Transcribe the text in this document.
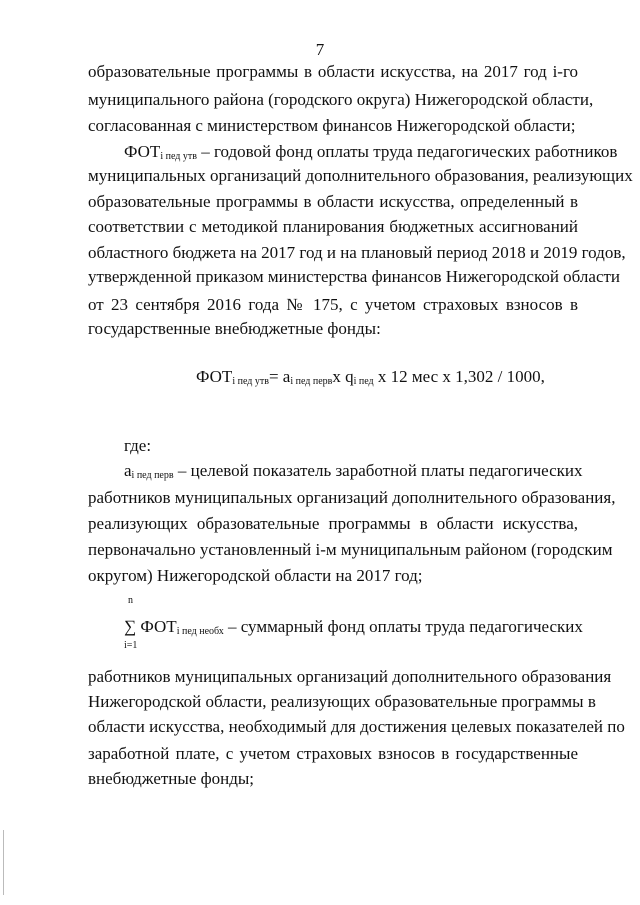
7
образовательные программы в области искусства, на 2017 год i-го
муниципального района (городского округа) Нижегородской области,
согласованная с министерством финансов Нижегородской области;
$ФОТ_{i пед утв}$ – годовой фонд оплаты труда педагогических работников
муниципальных организаций дополнительного образования, реализующих
образовательные программы в области искусства, определенный в
соответствии с методикой планирования бюджетных ассигнований
областного бюджета на 2017 год и на плановый период 2018 и 2019 годов,
утвержденной приказом министерства финансов Нижегородской области
от 23 сентября 2016 года № 175, с учетом страховых взносов в
государственные внебюджетные фонды:
$ФОТ_{i пед утв}= a_{i пед перв}x$ $q_{i пед}$ x 12 мес x 1,302 / 1000,
где:
$a_{i пед перв}$ – целевой показатель заработной платы педагогических
работников муниципальных организаций дополнительного образования,
реализующих образовательные программы в области искусства,
первоначально установленный i-м муниципальным районом (городским
округом) Нижегородской области на 2017 год;
n
∑ $ФОТ_{i пед необх}$ – суммарный фонд оплаты труда педагогических
i=1
работников муниципальных организаций дополнительного образования
Нижегородской области, реализующих образовательные программы в
области искусства, необходимый для достижения целевых показателей по
заработной плате, с учетом страховых взносов в государственные
внебюджетные фонды;
